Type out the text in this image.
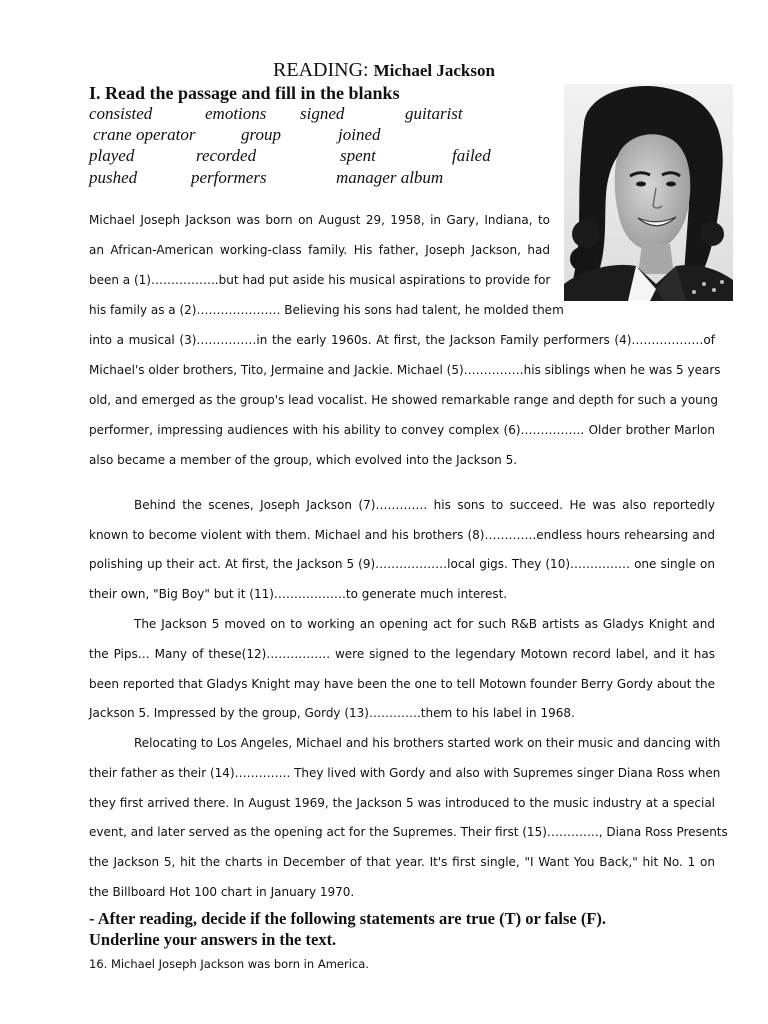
READING: Michael Jackson
I. Read the passage and fill in the blanks
consisted	emotions signed	guitarist
crane operator	group	joined
played	recorded	spent	failed
pushed	performers	manager album
Michael Joseph Jackson was born on August 29, 1958, in Gary, Indiana, to
an African-American working-class family. His father, Joseph Jackson, had
been a (1)……………..but had put aside his musical aspirations to provide for
his family as a (2)………………… Believing his sons had talent, he molded them
into a musical (3)……………in the early 1960s. At first, the Jackson Family performers (4)………………of
Michael's older brothers, Tito, Jermaine and Jackie. Michael (5)……………his siblings when he was 5 years
old, and emerged as the group's lead vocalist. He showed remarkable range and depth for such a young
performer, impressing audiences with his ability to convey complex (6)……………. Older brother Marlon
also became a member of the group, which evolved into the Jackson 5.
Behind the scenes, Joseph Jackson (7)…………. his sons to succeed. He was also reportedly
known to become violent with them. Michael and his brothers (8)………….endless hours rehearsing and
polishing up their act. At first, the Jackson 5 (9)………………local gigs. They (10)…………… one single on
their own, "Big Boy" but it (11)………………to generate much interest.
The Jackson 5 moved on to working an opening act for such R&B artists as Gladys Knight and
the Pips… Many of these(12)……………. were signed to the legendary Motown record label, and it has
been reported that Gladys Knight may have been the one to tell Motown founder Berry Gordy about the
Jackson 5. Impressed by the group, Gordy (13)………….them to his label in 1968.
Relocating to Los Angeles, Michael and his brothers started work on their music and dancing with
their father as their (14)………….. They lived with Gordy and also with Supremes singer Diana Ross when
they first arrived there. In August 1969, the Jackson 5 was introduced to the music industry at a special
event, and later served as the opening act for the Supremes. Their first (15)…………., Diana Ross Presents
the Jackson 5, hit the charts in December of that year. It's first single, "I Want You Back," hit No. 1 on
the Billboard Hot 100 chart in January 1970.
- After reading, decide if the following statements are true (T) or false (F).
Underline your answers in the text.
16. Michael Joseph Jackson was born in America.
